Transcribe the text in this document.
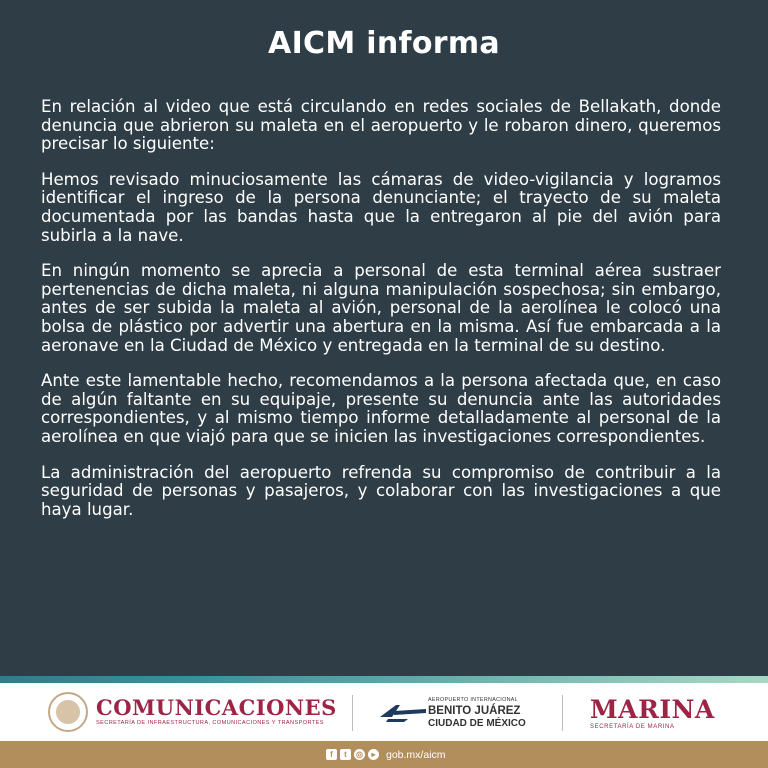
AICM informa

En relación al video que está circulando en redes sociales de Bellakath, donde denuncia que abrieron su maleta en el aeropuerto y le robaron dinero, queremos precisar lo siguiente:

Hemos revisado minuciosamente las cámaras de video-vigilancia y logramos identificar el ingreso de la persona denunciante; el trayecto de su maleta documentada por las bandas hasta que la entregaron al pie del avión para subirla a la nave.

En ningún momento se aprecia a personal de esta terminal aérea sustraer pertenencias de dicha maleta, ni alguna manipulación sospechosa; sin embargo, antes de ser subida la maleta al avión, personal de la aerolínea le colocó una bolsa de plástico por advertir una abertura en la misma. Así fue embarcada a la aeronave en la Ciudad de México y entregada en la terminal de su destino.

Ante este lamentable hecho, recomendamos a la persona afectada que, en caso de algún faltante en su equipaje, presente su denuncia ante las autoridades correspondientes, y al mismo tiempo informe detalladamente al personal de la aerolínea en que viajó para que se inicien las investigaciones correspondientes.

La administración del aeropuerto refrenda su compromiso de contribuir a la seguridad de personas y pasajeros, y colaborar con las investigaciones a que haya lugar.

COMUNICACIONES
SECRETARÍA DE INFRAESTRUCTURA, COMUNICACIONES Y TRANSPORTES
AEROPUERTO INTERNACIONAL
BENITO JUÁREZ
CIUDAD DE MÉXICO	MARINA
SECRETARÍA DE MARINA
f	t	◎	▸	gob.mx/aicm
